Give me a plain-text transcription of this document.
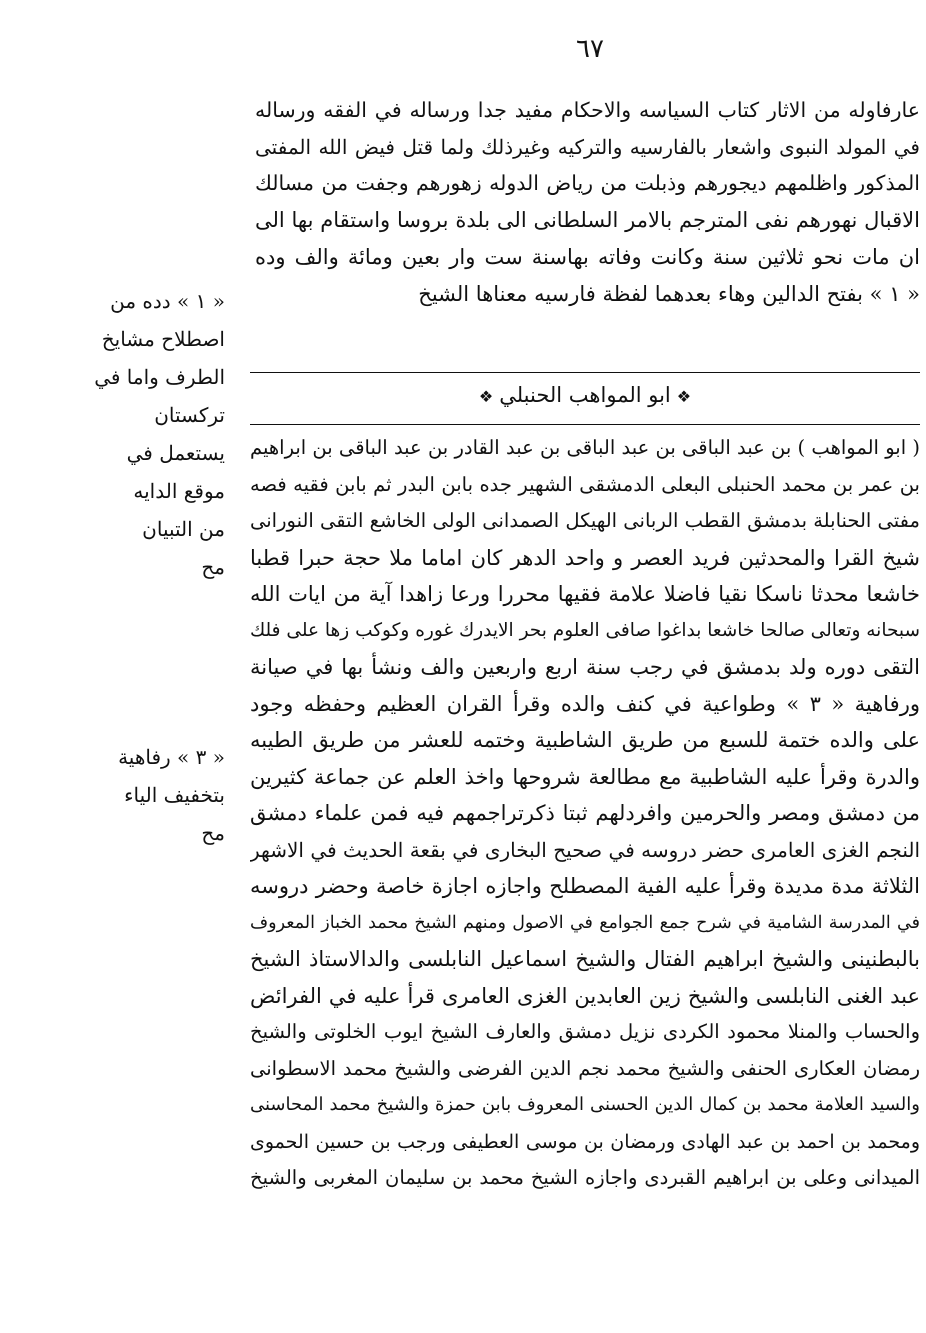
٦٧
عارفاوله من الاثار كتاب السياسه والاحكام مفيد جدا ورساله في الفقه ورساله
في المولد النبوى واشعار بالفارسيه والتركيه وغيرذلك ولما قتل فيض الله المفتى
المذكور واظلمهم ديجورهم وذبلت من رياض الدوله زهورهم وجفت من مسالك
الاقبال نهورهم نفى المترجم بالامر السلطانى الى بلدة بروسا واستقام بها الى
ان مات نحو ثلاثين سنة وكانت وفاته بهاسنة ست وار بعين ومائة والف وده
« ١ » بفتح الدالين وهاء بعدهما لفظة فارسيه معناها الشيخ
❖ابو المواهب الحنبلي❖
( ابو المواهب ) بن عبد الباقى بن عبد الباقى بن عبد القادر بن عبد الباقى بن ابراهيم
بن عمر بن محمد الحنبلى البعلى الدمشقى الشهير جده بابن البدر ثم بابن فقيه فصه
مفتى الحنابلة بدمشق القطب الربانى الهيكل الصمدانى الولى الخاشع التقى النورانى
شيخ القرا والمحدثين فريد العصر و واحد الدهر كان اماما ملا حجة حبرا قطبا
خاشعا محدثا ناسكا نقيا فاضلا علامة فقيها محررا ورعا زاهدا آية من ايات الله
سبحانه وتعالى صالحا خاشعا بداغوا صافى العلوم بحر الايدرك غوره وكوكب زها على فلك
التقى دوره ولد بدمشق في رجب سنة اربع واربعين والف ونشأ بها في صيانة
ورفاهية « ٣ » وطواعية في كنف والده وقرأ القران العظيم وحفظه وجود
على والده ختمة للسبع من طريق الشاطبية وختمه للعشر من طريق الطيبه
والدرة وقرأ عليه الشاطبية مع مطالعة شروحها واخذ العلم عن جماعة كثيرين
من دمشق ومصر والحرمين وافردلهم ثبتا ذكرتراجمهم فيه فمن علماء دمشق
النجم الغزى العامرى حضر دروسه في صحيح البخارى في بقعة الحديث في الاشهر
الثلاثة مدة مديدة وقرأ عليه الفية المصطلح واجازه اجازة خاصة وحضر دروسه
في المدرسة الشامية في شرح جمع الجوامع في الاصول ومنهم الشيخ محمد الخباز المعروف
بالبطنينى والشيخ ابراهيم الفتال والشيخ اسماعيل النابلسى والدالاستاذ الشيخ
عبد الغنى النابلسى والشيخ زين العابدين الغزى العامرى قرأ عليه في الفرائض
والحساب والمنلا محمود الكردى نزيل دمشق والعارف الشيخ ايوب الخلوتى والشيخ
رمضان العكارى الحنفى والشيخ محمد نجم الدين الفرضى والشيخ محمد الاسطوانى
والسيد العلامة محمد بن كمال الدين الحسنى المعروف بابن حمزة والشيخ محمد المحاسنى
ومحمد بن احمد بن عبد الهادى ورمضان بن موسى العطيفى ورجب بن حسين الحموى
الميدانى وعلى بن ابراهيم القبردى واجازه الشيخ محمد بن سليمان المغربى والشيخ
« ١ » دده من
اصطلاح مشايخ
الطرف واما في تركستان
يستعمل في
موقع الدايه
من التبيان
مح
« ٣ » رفاهية
بتخفيف الياء
مح
